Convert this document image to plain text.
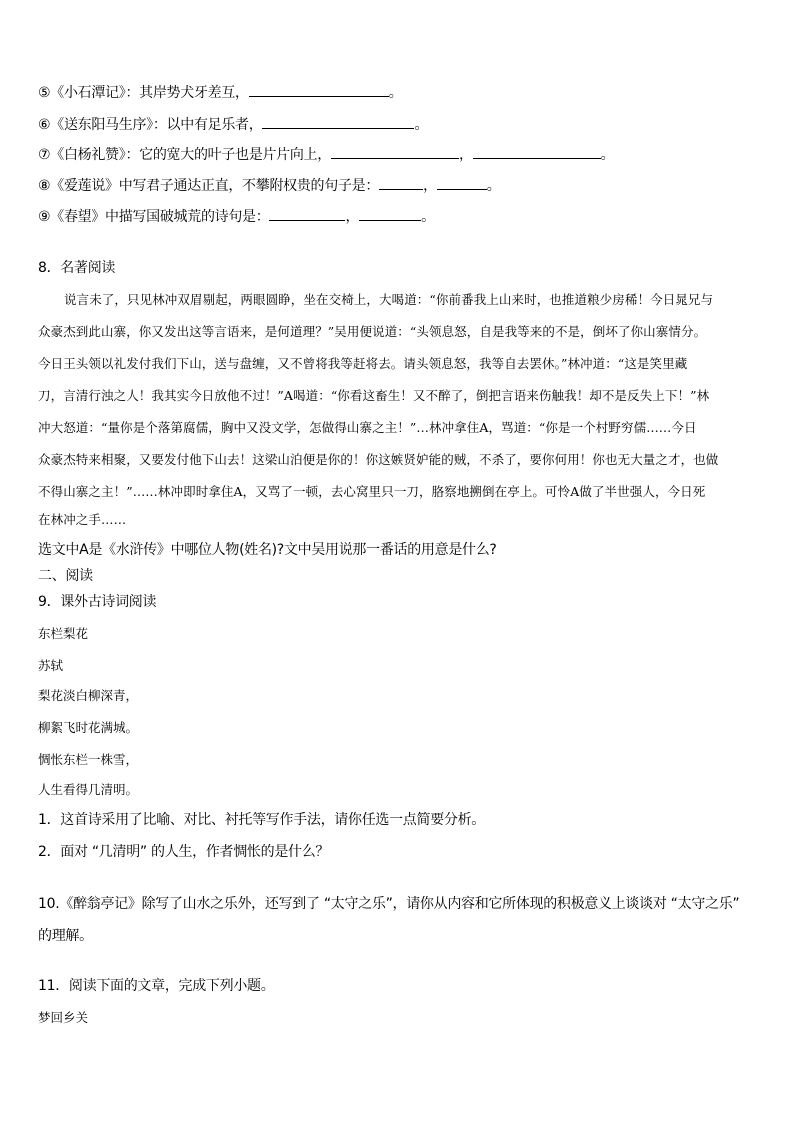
⑤《小石潭记》：其岸势犬牙差互，	。
⑥《送东阳马生序》：以中有足乐者，	。
⑦《白杨礼赞》：它的宽大的叶子也是片片向上，	，	。
⑧《爱莲说》中写君子通达正直，不攀附权贵的句子是：	，	。
⑨《春望》中描写国破城荒的诗句是：	，	。
8．名著阅读
说言未了，只见林冲双眉剔起，两眼圆睁，坐在交椅上，大喝道：“你前番我上山来时，也推道粮少房稀！今日晁兄与
众豪杰到此山寨，你又发出这等言语来，是何道理？”吴用便说道：“头领息怒，自是我等来的不是，倒坏了你山寨情分。
今日王头领以礼发付我们下山，送与盘缠，又不曾将我等赶将去。请头领息怒，我等自去罢休。”林冲道：“这是笑里藏
刀，言清行浊之人！我其实今日放他不过！”A喝道：“你看这畜生！又不醉了，倒把言语来伤触我！却不是反失上下！”林
冲大怒道：“量你是个落第腐儒，胸中又没文学，怎做得山寨之主！”…林冲拿住A，骂道：“你是一个村野穷儒……今日
众豪杰特来相聚，又要发付他下山去！这梁山泊便是你的！你这嫉贤妒能的贼，不杀了，要你何用！你也无大量之才，也做
不得山寨之主！”……林冲即时拿住A，又骂了一顿，去心窝里只一刀，胳察地搠倒在亭上。可怜A做了半世强人，今日死
在林冲之手……
选文中A是《水浒传》中哪位人物(姓名)?文中吴用说那一番话的用意是什么?
二、阅读
9．课外古诗词阅读
东栏梨花
苏轼
梨花淡白柳深青，
柳絮飞时花满城。
惆怅东栏一株雪，
人生看得几清明。
1．这首诗采用了比喻、对比、衬托等写作手法，请你任选一点简要分析。
2．面对 “几清明” 的人生，作者惆怅的是什么？
10.《醉翁亭记》除写了山水之乐外，还写到了 “太守之乐”，请你从内容和它所体现的积极意义上谈谈对 “太守之乐”
的理解。
11．阅读下面的文章，完成下列小题。
梦回乡关
